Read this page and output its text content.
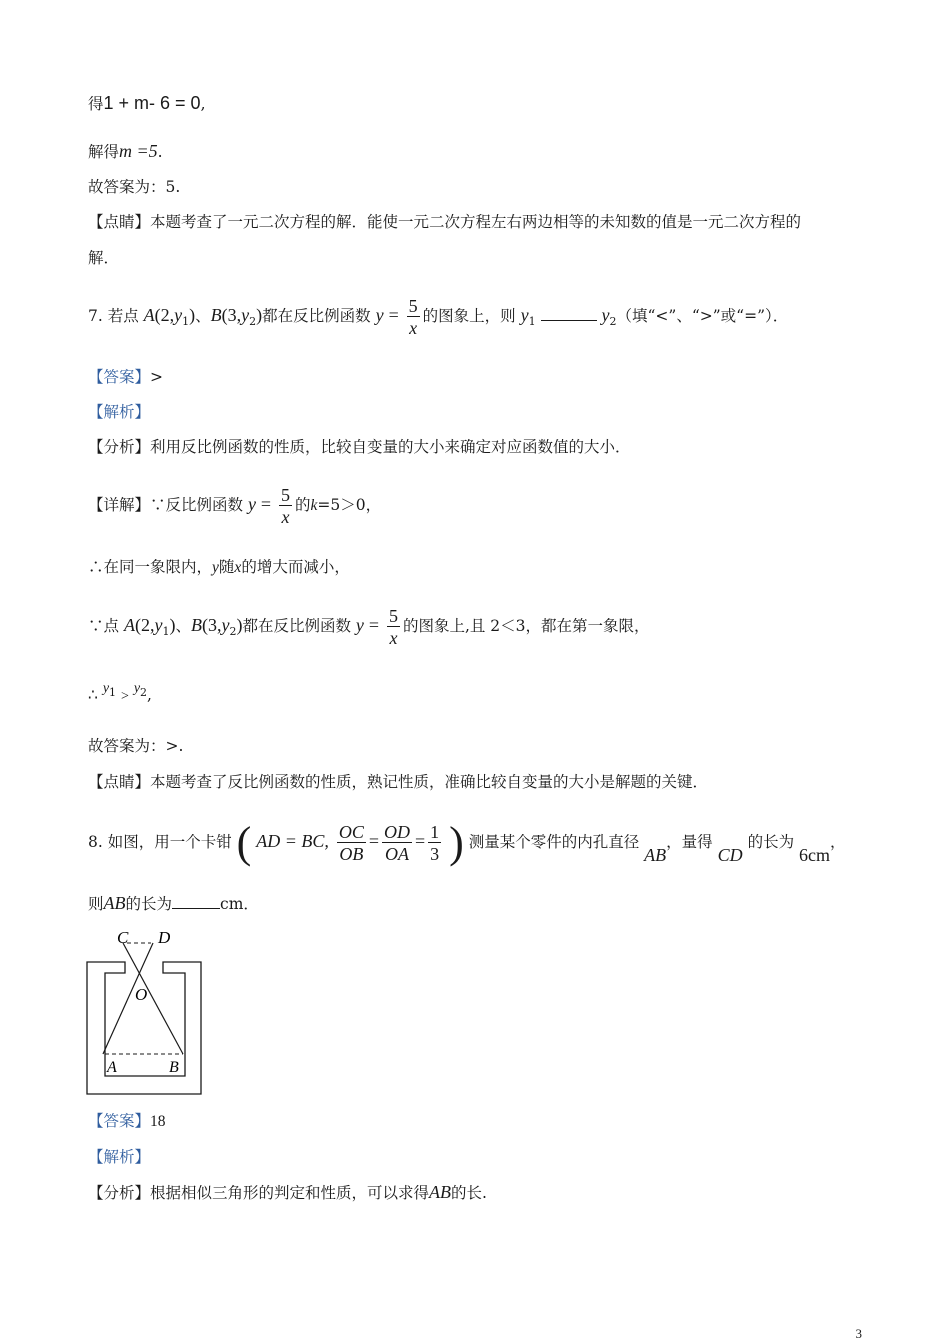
得1 + m- 6 = 0,
解得m =5.
故答案为：5.
【点睛】本题考查了一元二次方程的解．能使一元二次方程左右两边相等的未知数的值是一元二次方程的
解．
7. 若点 $A(2,y_1)$、$B(3,y_2)$都在反比例函数 $y = \frac{5}{x}$ 的图象上，则 $y_1$	$y_2$（填“<”、“>”或“=”）．
【答案】>
【解析】
【分析】利用反比例函数的性质，比较自变量的大小来确定对应函数值的大小．
【详解】∵反比例函数 $y = \frac{5}{x}$ 的k=5＞0，
∴在同一象限内，y随x的增大而减小，
∵点 $A(2,y_1)$、$B(3,y_2)$都在反比例函数 $y = \frac{5}{x}$ 的图象上,且 2＜3，都在第一象限，
∴ $y_1 > y_2$,
故答案为：>.
【点睛】本题考查了反比例函数的性质，熟记性质，准确比较自变量的大小是解题的关键．
8. 如图，用一个卡钳 ( AD = BC, $\frac{OC}{OB} = \frac{OD}{OA} = \frac{1}{3}$ ) 测量某个零件的内孔直径 AB，量得 CD 的长为 6cm，
则AB的长为	cm．
C D
O
A	B
【答案】18
【解析】
【分析】根据相似三角形的判定和性质，可以求得AB的长.
3
